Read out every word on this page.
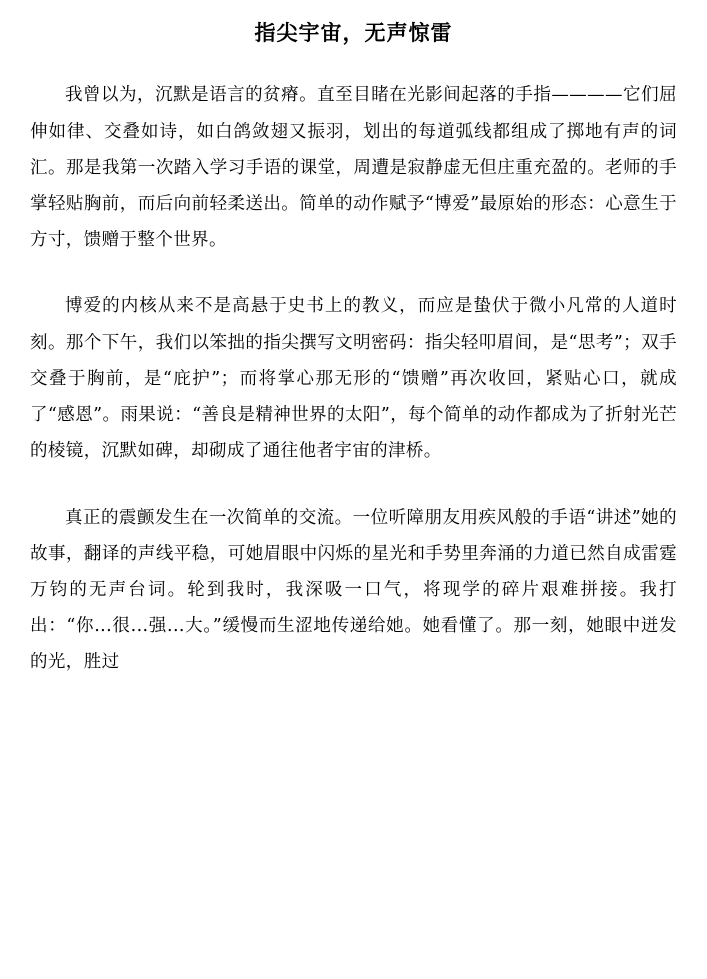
指尖宇宙，无声惊雷

我曾以为，沉默是语言的贫瘠。直至目睹在光影间起落的手指————它们屈伸如律、交叠如诗，如白鸽敛翅又振羽，划出的每道弧线都组成了掷地有声的词汇。那是我第一次踏入学习手语的课堂，周遭是寂静虚无但庄重充盈的。老师的手掌轻贴胸前，而后向前轻柔送出。简单的动作赋予“博爱”最原始的形态：心意生于方寸，馈赠于整个世界。

博爱的内核从来不是高悬于史书上的教义，而应是蛰伏于微小凡常的人道时刻。那个下午，我们以笨拙的指尖撰写文明密码：指尖轻叩眉间，是“思考”；双手交叠于胸前，是“庇护”；而将掌心那无形的“馈赠”再次收回，紧贴心口，就成了“感恩”。雨果说：“善良是精神世界的太阳”，每个简单的动作都成为了折射光芒的棱镜，沉默如碑，却砌成了通往他者宇宙的津桥。

真正的震颤发生在一次简单的交流。一位听障朋友用疾风般的手语“讲述”她的故事，翻译的声线平稳，可她眉眼中闪烁的星光和手势里奔涌的力道已然自成雷霆万钧的无声台词。轮到我时，我深吸一口气，将现学的碎片艰难拼接。我打出：“你...很...强...大。”缓慢而生涩地传递给她。她看懂了。那一刻，她眼中迸发的光，胜过
